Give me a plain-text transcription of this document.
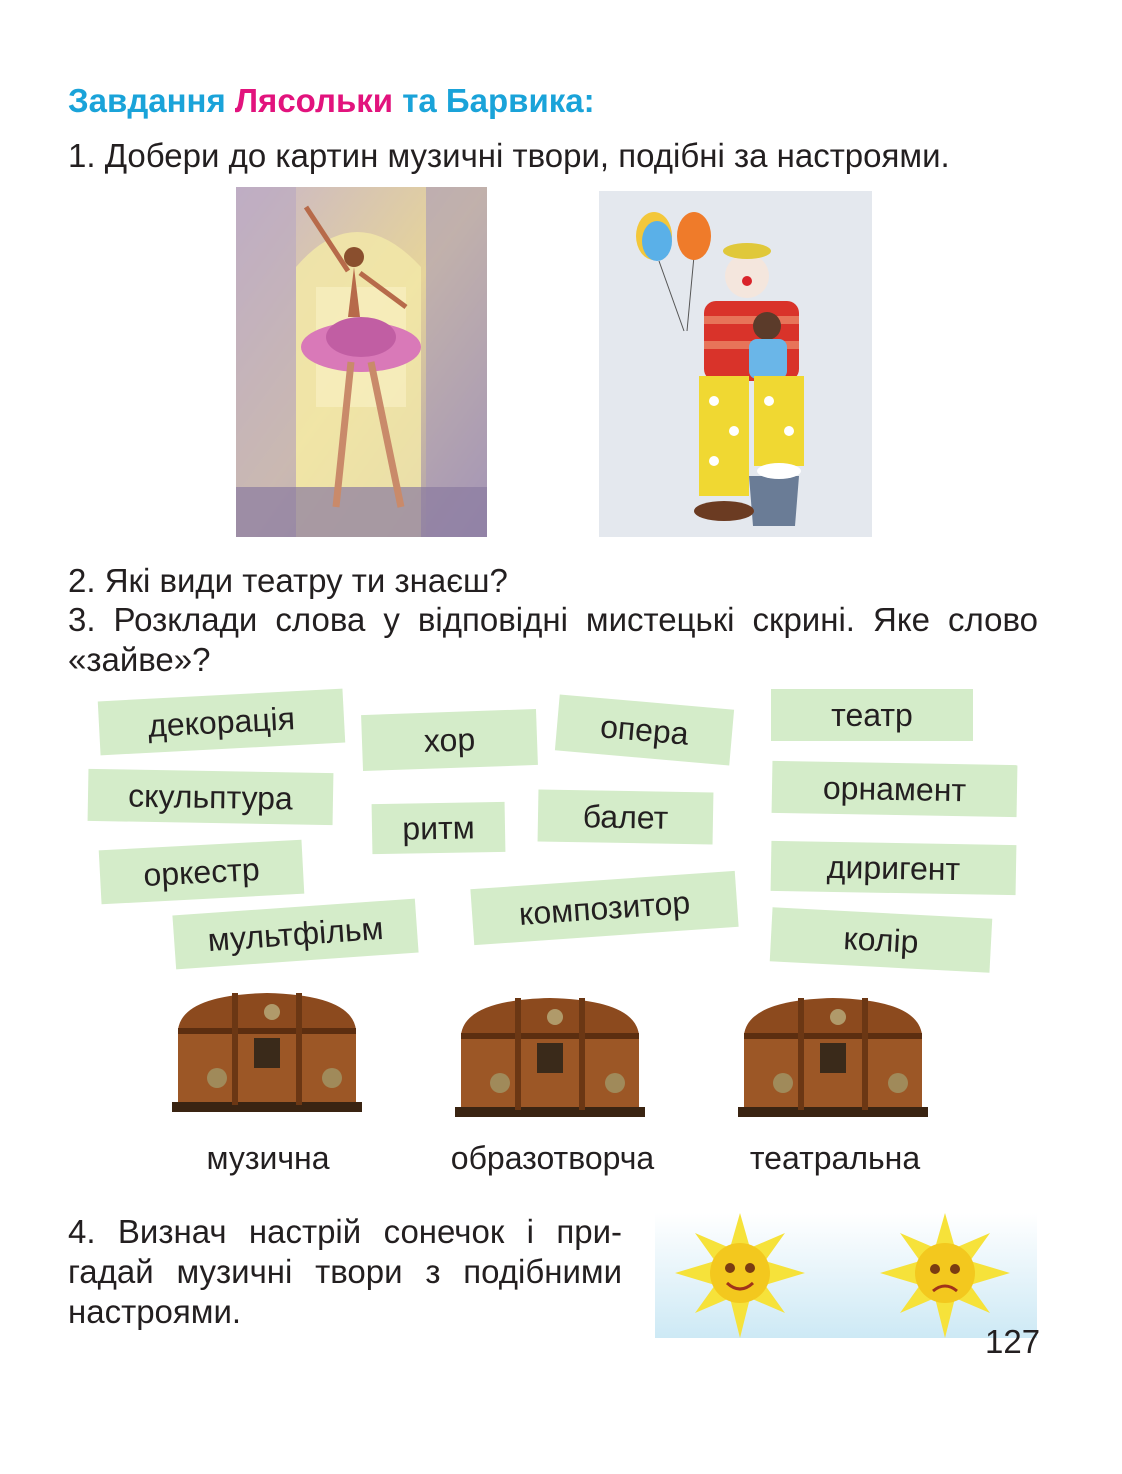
Завдання Лясольки та Барвика:
1. Добери до картин музичні твори, подібні за настроями.
2. Які види театру ти знаєш?
3. Розклади слова у відповідні мистецькі скрині. Яке слово
«зайве»?
декорація	хор	опера	театр
скульптура
ритм	балет
орнамент
оркестр	диригент
композитор
мультфільм	колір
музична	образотворча	театральна
4. Визнач настрій сонечок і при-
гадай музичні твори з подібними
настроями.
127
